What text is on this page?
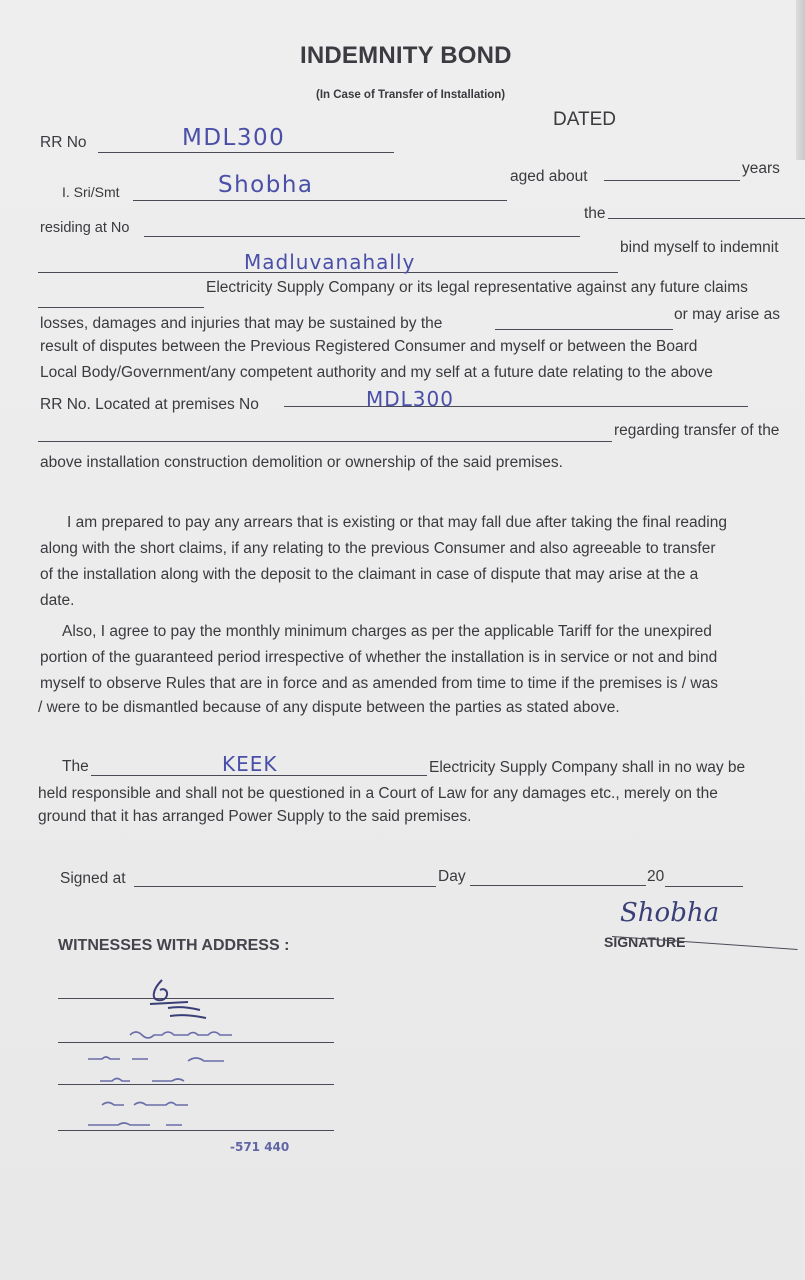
INDEMNITY BOND
(In Case of Transfer of Installation)
DATED
RR No	MDL300
I. Sri/Smt	Shobha	aged about	years
residing at No
the
Madluvanahally
bind myself to indemnit
Electricity Supply Company or its legal representative against any future claims
losses, damages and injuries that may be sustained by the
or may arise as
result of disputes between the Previous Registered Consumer and myself or between the Board
Local Body/Government/any competent authority and my self at a future date relating to the above
RR No. Located at premises No	MDL300
regarding transfer of the
above installation construction demolition or ownership of the said premises.
I am prepared to pay any arrears that is existing or that may fall due after taking the final reading
along with the short claims, if any relating to the previous Consumer and also agreeable to transfer
of the installation along with the deposit to the claimant in case of dispute that may arise at the a
date.
Also, I agree to pay the monthly minimum charges as per the applicable Tariff for the unexpired
portion of the guaranteed period irrespective of whether the installation is in service or not and bind
myself to observe Rules that are in force and as amended from time to time if the premises is / was
/ were to be dismantled because of any dispute between the parties as stated above.
The	KEEK	Electricity Supply Company shall in no way be
held responsible and shall not be questioned in a Court of Law for any damages etc., merely on the
ground that it has arranged Power Supply to the said premises.
Signed at	Day	20
WITNESSES WITH ADDRESS :	SIGNATURE
Shobha
-571 440
